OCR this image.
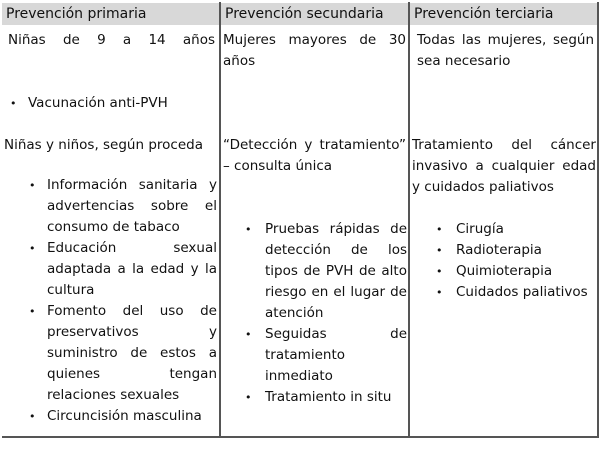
Prevención primaria	Prevención secundaria	Prevención terciaria
Niñas de 9 a 14 años
• Vacunación anti-PVH
Mujeres mayores de 30 años
Todas las mujeres, según sea necesario
Niñas y niños, según proceda
• Información sanitaria y advertencias sobre el consumo de tabaco
• Educación sexual adaptada a la edad y la cultura
• Fomento del uso de preservativos y suministro de estos a quienes tengan relaciones sexuales
• Circuncisión masculina
“Detección y tratamiento” – consulta única
• Pruebas rápidas de detección de los tipos de PVH de alto riesgo en el lugar de atención
• Seguidas de tratamiento inmediato
• Tratamiento in situ
Tratamiento del cáncer invasivo a cualquier edad y cuidados paliativos
• Cirugía
• Radioterapia
• Quimioterapia
• Cuidados paliativos
